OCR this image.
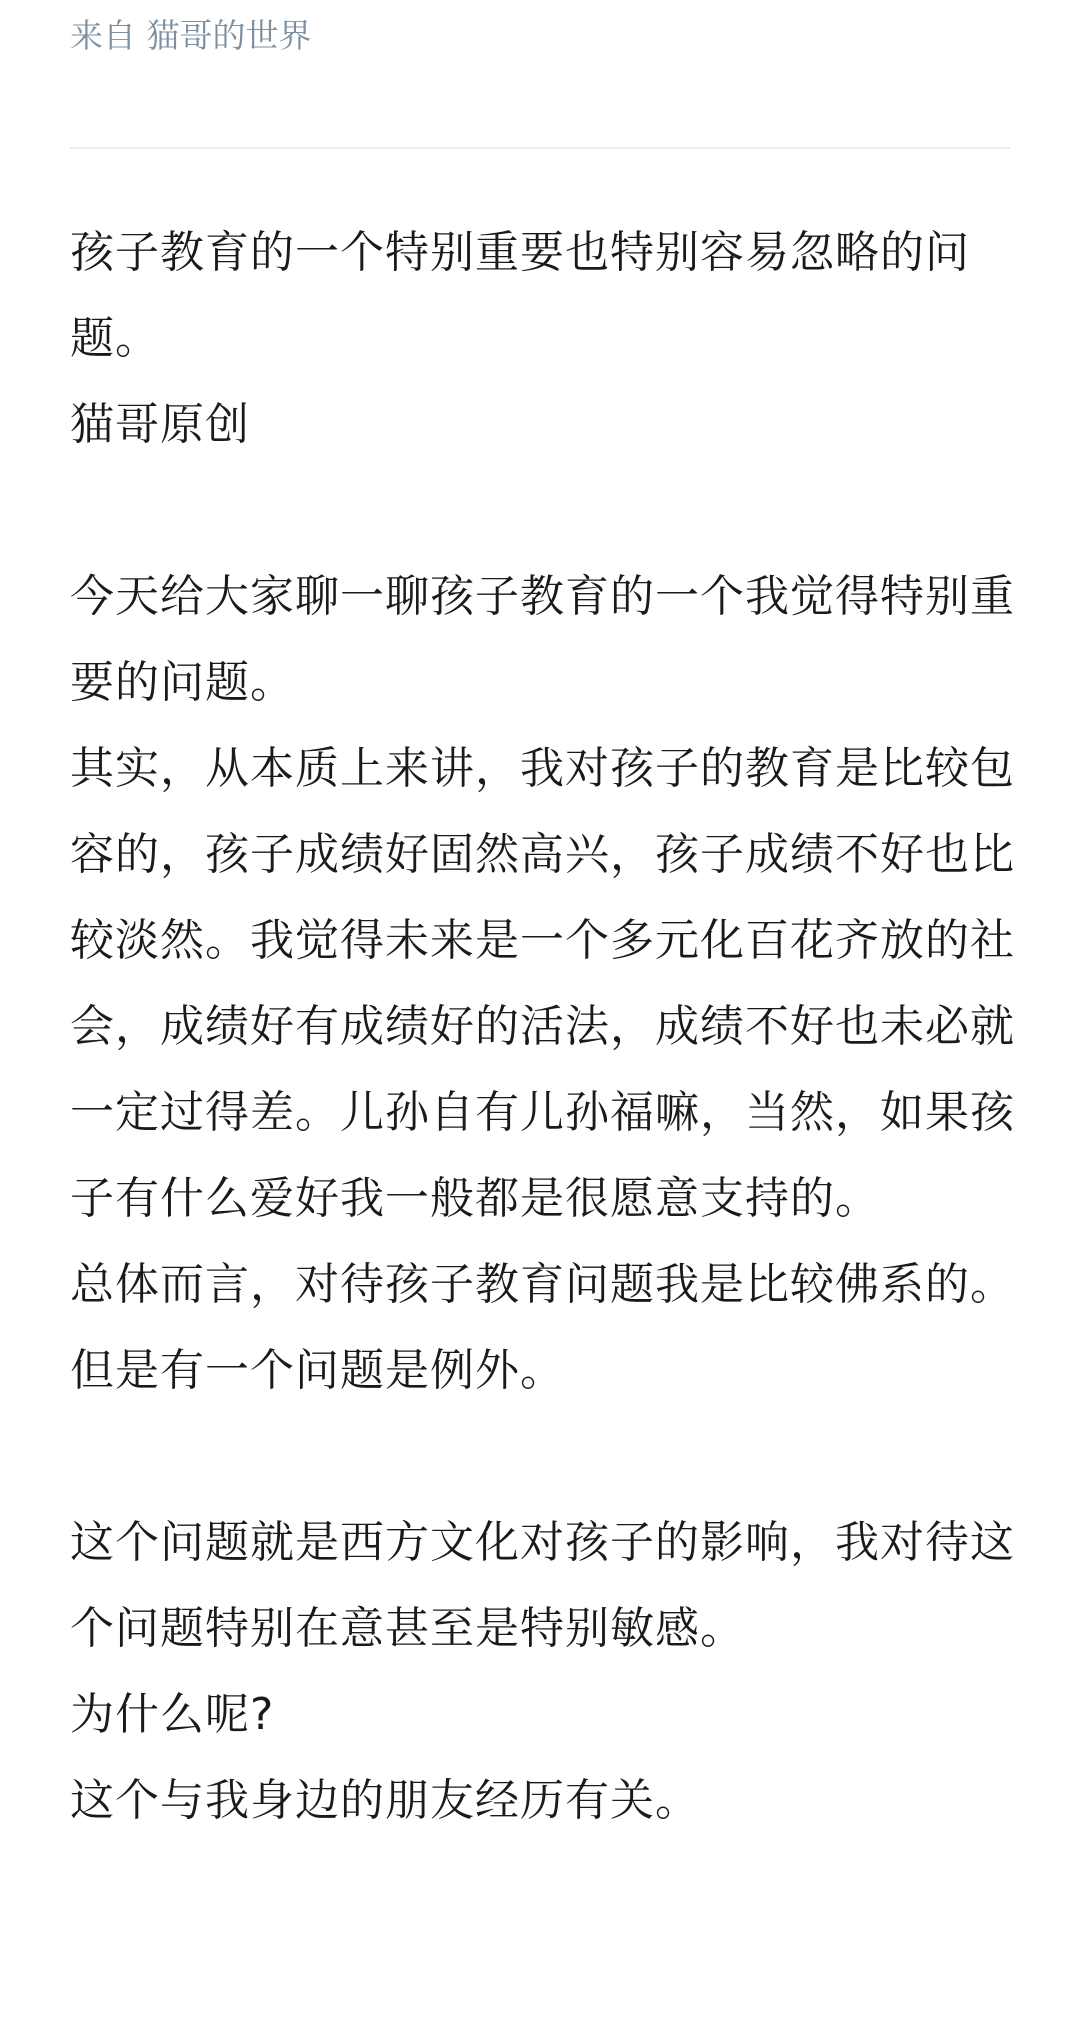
来自 猫哥的世界

孩子教育的一个特别重要也特别容易忽略的问题。

猫哥原创

今天给大家聊一聊孩子教育的一个我觉得特别重要的问题。

其实，从本质上来讲，我对孩子的教育是比较包容的，孩子成绩好固然高兴，孩子成绩不好也比较淡然。我觉得未来是一个多元化百花齐放的社会，成绩好有成绩好的活法，成绩不好也未必就一定过得差。儿孙自有儿孙福嘛，当然，如果孩子有什么爱好我一般都是很愿意支持的。

总体而言，对待孩子教育问题我是比较佛系的。

但是有一个问题是例外。

这个问题就是西方文化对孩子的影响，我对待这个问题特别在意甚至是特别敏感。

为什么呢?

这个与我身边的朋友经历有关。
